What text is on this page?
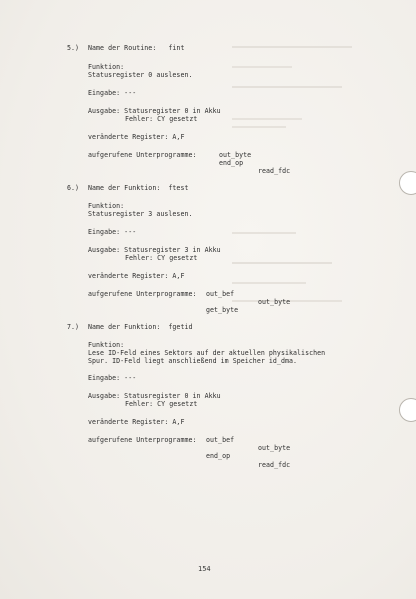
5.) Name der Routine:   fint
Funktion:
Statusregister 0 auslesen.
Eingabe: ---
Ausgabe: Statusregister 0 in Akku
Fehler: CY gesetzt
veränderte Register: A,F
aufgerufene Unterprogramme:	out_byte
end_op
read_fdc
6.) Name der Funktion:  ftest
Funktion:
Statusregister 3 auslesen.
Eingabe: ---
Ausgabe: Statusregister 3 in Akku
Fehler: CY gesetzt
veränderte Register: A,F
aufgerufene Unterprogramme: out_bef
out_byte
get_byte
7.) Name der Funktion:  fgetid
Funktion:
Lese ID-Feld eines Sektors auf der aktuellen physikalischen
Spur. ID-Feld liegt anschließend im Speicher id_dma.
Eingabe: ---
Ausgabe: Statusregister 0 in Akku
Fehler: CY gesetzt
veränderte Register: A,F
aufgerufene Unterprogramme: out_bef
out_byte
end_op
read_fdc
154
